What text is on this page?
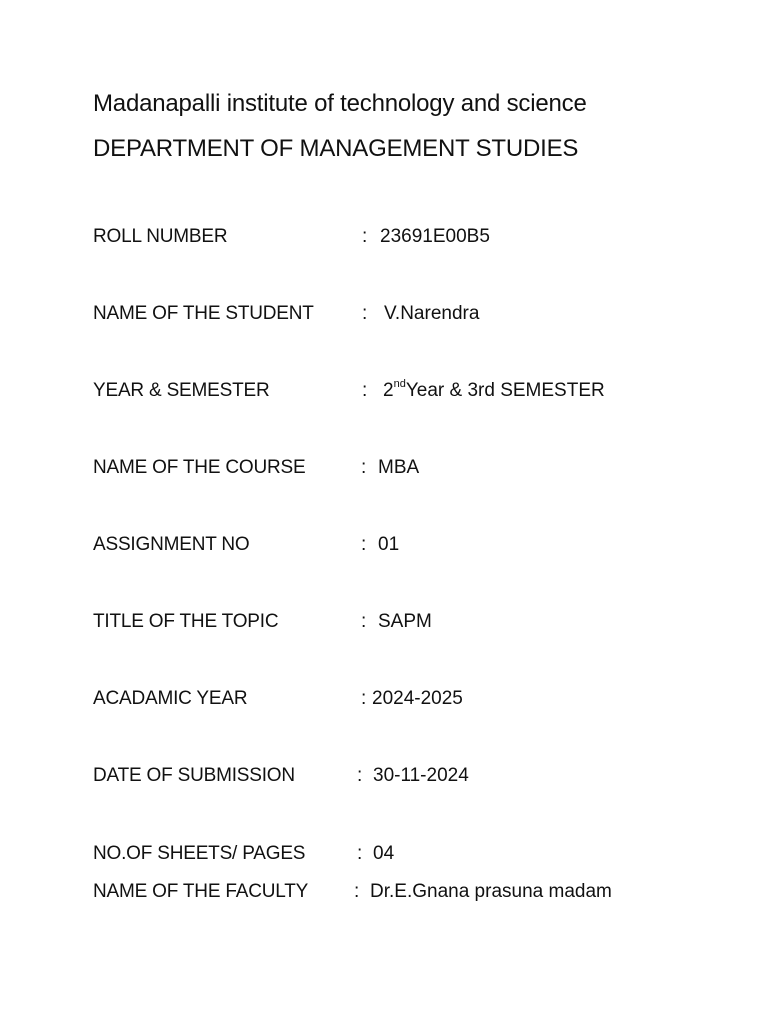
Madanapalli institute of technology and science
DEPARTMENT OF MANAGEMENT STUDIES
ROLL NUMBER	: 23691E00B5
NAME OF THE STUDENT	: V.Narendra
YEAR & SEMESTER	: 2ndYear & 3rd SEMESTER
NAME OF THE COURSE	: MBA
ASSIGNMENT NO	: 01
TITLE OF THE TOPIC	: SAPM
ACADAMIC YEAR	: 2024-2025
DATE OF SUBMISSION	: 30-11-2024
NO.OF SHEETS/ PAGES	: 04
NAME OF THE FACULTY : Dr.E.Gnana prasuna madam
